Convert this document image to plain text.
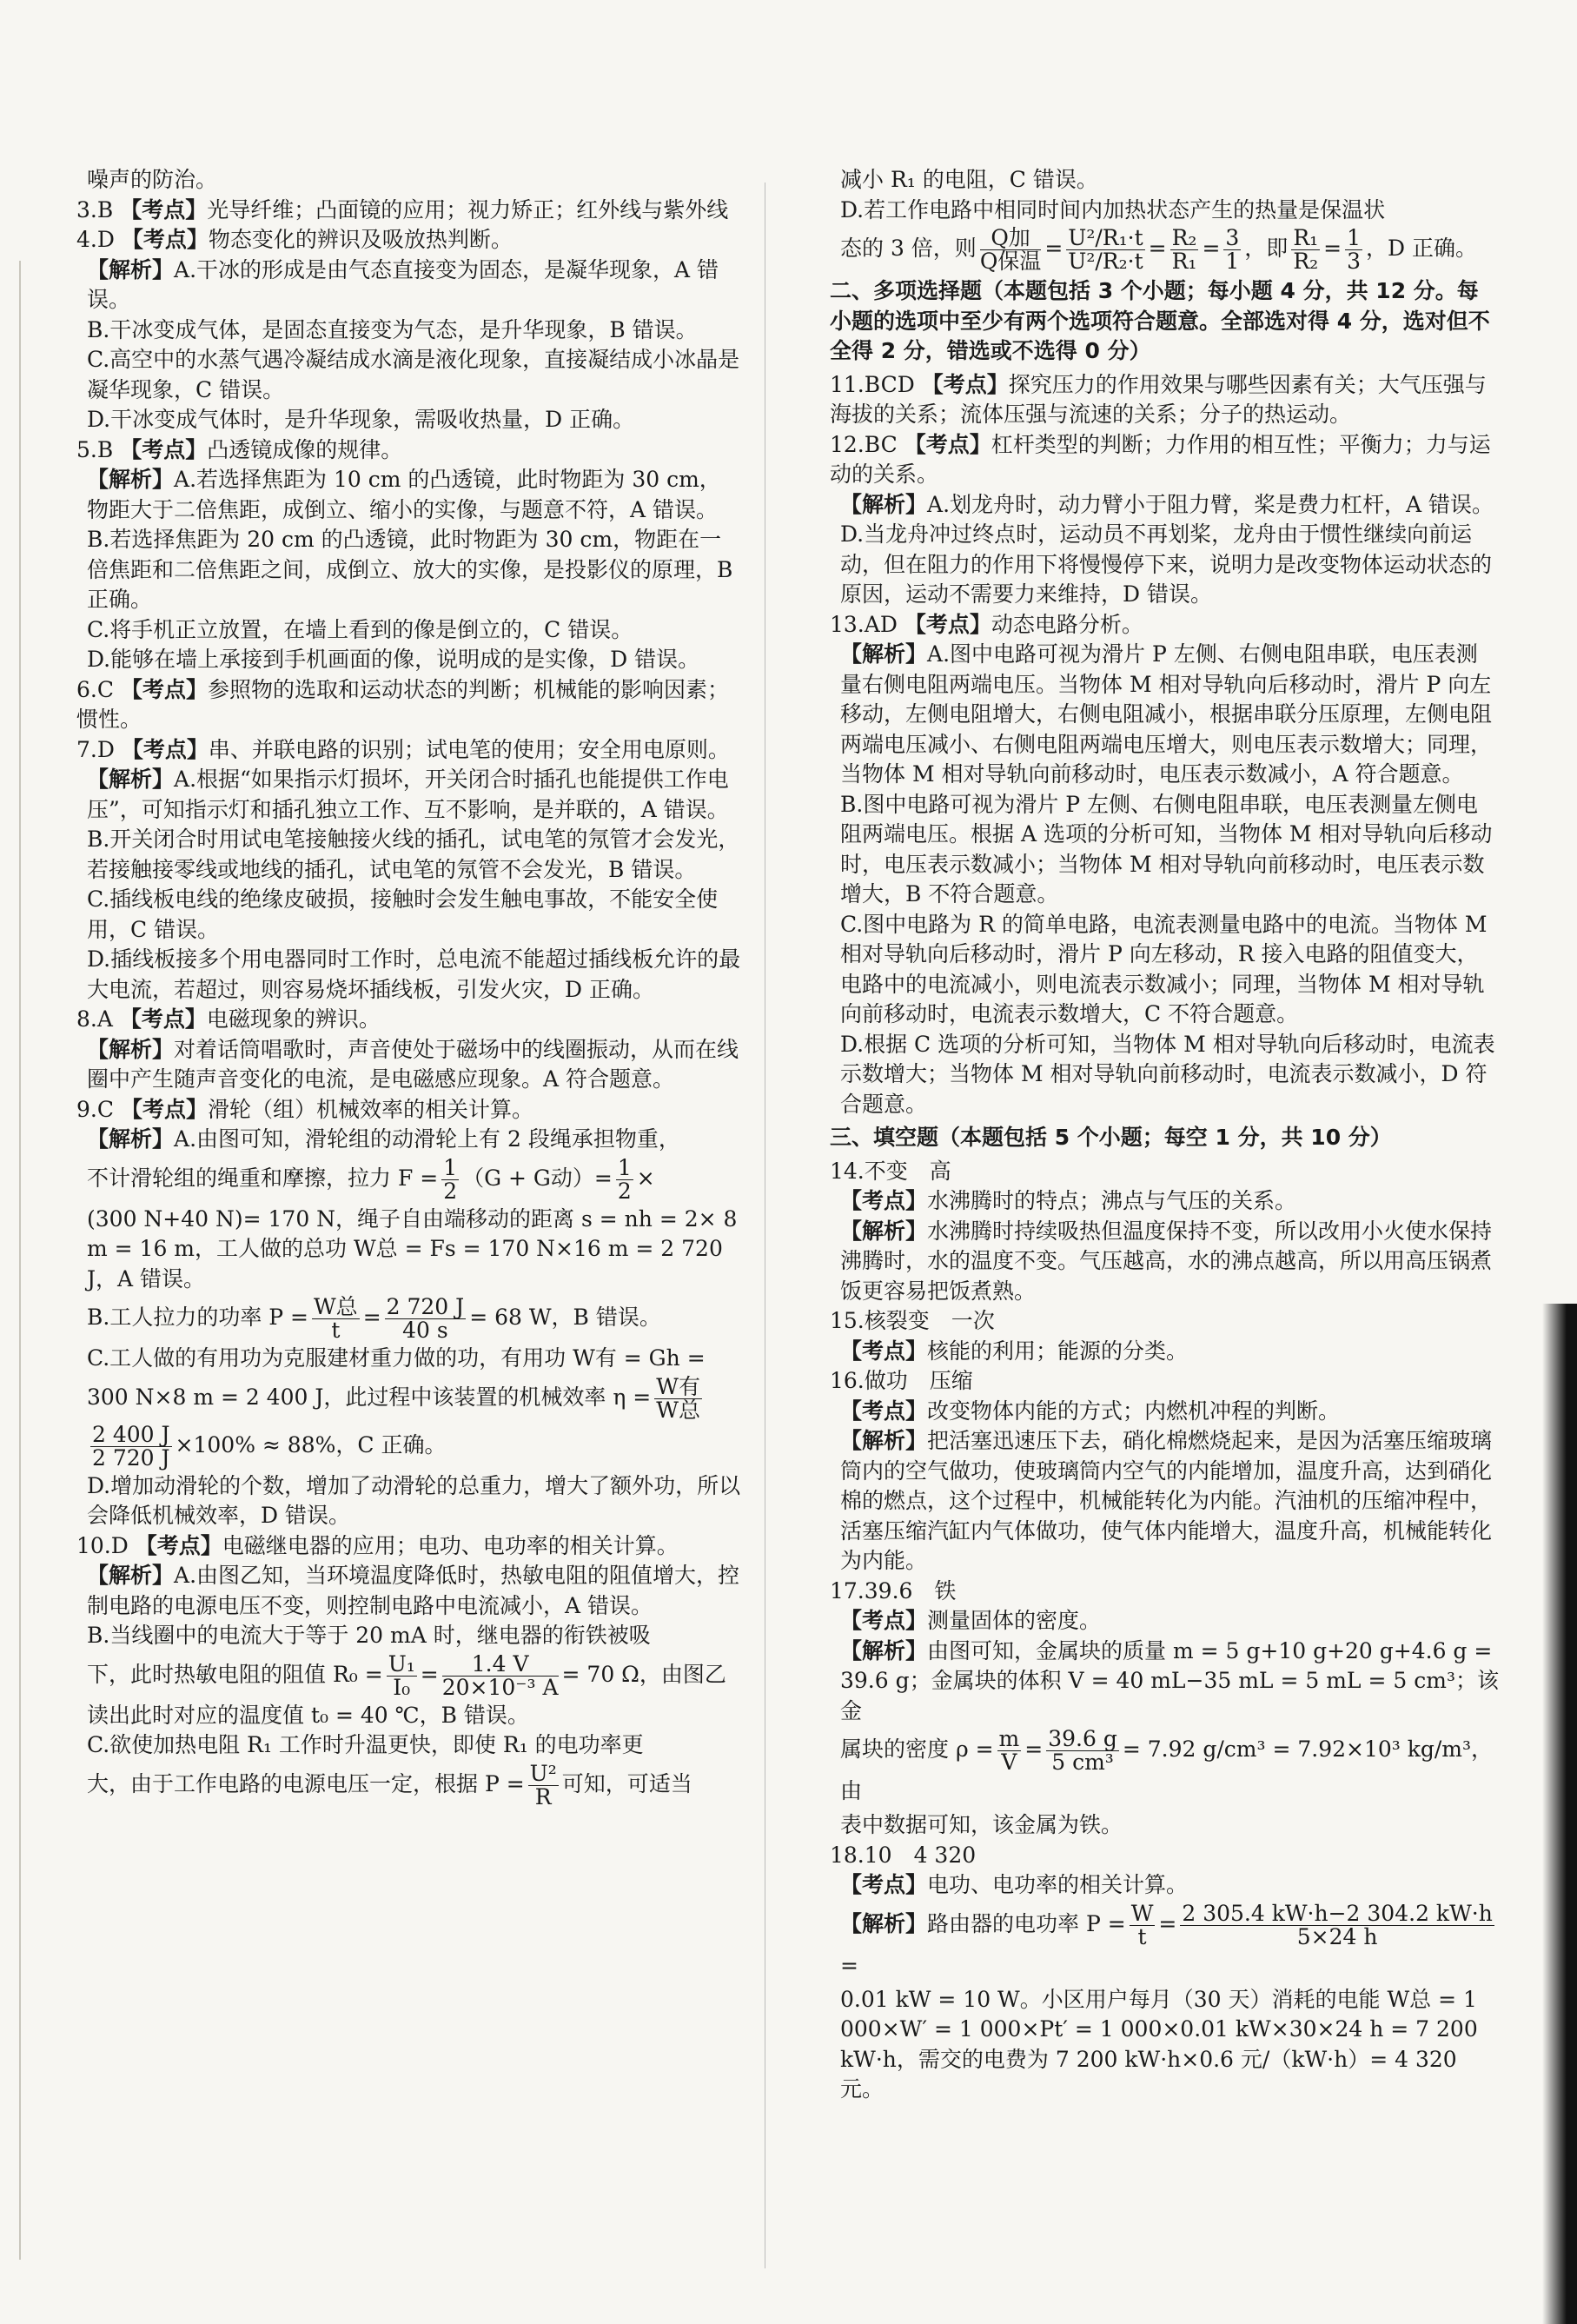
噪声的防治。

3.B 【考点】光导纤维；凸面镜的应用；视力矫正；红外线与紫外线

4.D 【考点】物态变化的辨识及吸放热判断。

【解析】A.干冰的形成是由气态直接变为固态，是凝华现象，A 错误。

B.干冰变成气体，是固态直接变为气态，是升华现象，B 错误。

C.高空中的水蒸气遇冷凝结成水滴是液化现象，直接凝结成小冰晶是凝华现象，C 错误。

D.干冰变成气体时，是升华现象，需吸收热量，D 正确。

5.B 【考点】凸透镜成像的规律。

【解析】A.若选择焦距为 10 cm 的凸透镜，此时物距为 30 cm，物距大于二倍焦距，成倒立、缩小的实像，与题意不符，A 错误。

B.若选择焦距为 20 cm 的凸透镜，此时物距为 30 cm，物距在一倍焦距和二倍焦距之间，成倒立、放大的实像，是投影仪的原理，B 正确。

C.将手机正立放置，在墙上看到的像是倒立的，C 错误。

D.能够在墙上承接到手机画面的像，说明成的是实像，D 错误。

6.C 【考点】参照物的选取和运动状态的判断；机械能的影响因素；惯性。

7.D 【考点】串、并联电路的识别；试电笔的使用；安全用电原则。

【解析】A.根据“如果指示灯损坏，开关闭合时插孔也能提供工作电压”，可知指示灯和插孔独立工作、互不影响，是并联的，A 错误。

B.开关闭合时用试电笔接触接火线的插孔，试电笔的氖管才会发光，若接触接零线或地线的插孔，试电笔的氖管不会发光，B 错误。

C.插线板电线的绝缘皮破损，接触时会发生触电事故，不能安全使用，C 错误。

D.插线板接多个用电器同时工作时，总电流不能超过插线板允许的最大电流，若超过，则容易烧坏插线板，引发火灾，D 正确。

8.A 【考点】电磁现象的辨识。

【解析】对着话筒唱歌时，声音使处于磁场中的线圈振动，从而在线圈中产生随声音变化的电流，是电磁感应现象。A 符合题意。

9.C 【考点】滑轮（组）机械效率的相关计算。

【解析】A.由图可知，滑轮组的动滑轮上有 2 段绳承担物重，

不计滑轮组的绳重和摩擦，拉力 $F = \frac{1}{2} (G + G$动）= $\frac{1}{2}$ ×

(300 N+40 N)= 170 N，绳子自由端移动的距离 s = nh = 2× 8 m = 16 m，工人做的总功 W总 = Fs = 170 N×16 m = 2 720 J，A 错误。

B.工人拉力的功率 $P = \frac{\text{W总}}{t} = \frac{2 720 J}{40 s} = 68$ W，B 错误。

C.工人做的有用功为克服建材重力做的功，有用功 W有 = Gh =

300 N×8 m = 2 400 J，此过程中该装置的机械效率 $\eta = \frac{\text{W有}}{\text{W总}}$

$\frac{2 400 J}{2 720 J} \times 100\% \approx 88\%$，C 正确。

D.增加动滑轮的个数，增加了动滑轮的总重力，增大了额外功，所以会降低机械效率，D 错误。

10.D 【考点】电磁继电器的应用；电功、电功率的相关计算。

【解析】A.由图乙知，当环境温度降低时，热敏电阻的阻值增大，控制电路的电源电压不变，则控制电路中电流减小，A 错误。

B.当线圈中的电流大于等于 20 mA 时，继电器的衔铁被吸

下，此时热敏电阻的阻值 $R_0 = \frac{\text{U₁}}{\text{I₀}} = \frac{1.4 V}{\text{20×10⁻³ A}} = 70$ Ω，由图乙

读出此时对应的温度值 t₀ = 40 ℃，B 错误。

C.欲使加热电阻 R₁ 工作时升温更快，即使 R₁ 的电功率更

大，由于工作电路的电源电压一定，根据 $P = \frac{\text{U²}}{R}$ 可知，可适当

减小 R₁ 的电阻，C 错误。

D.若工作电路中相同时间内加热状态产生的热量是保温状

态的 3 倍，则 $\frac{\text{Q加}}{\text{Q保温}} = \frac{\text{U²/R₁·t}}{\text{U²/R₂·t}} = \frac{\text{R₂}}{\text{R₁}} = \frac{3}{1}$ ，即 $\frac{\text{R₁}}{\text{R₂}} = \frac{1}{3}$ ，D 正确。

二、多项选择题（本题包括 3 个小题；每小题 4 分，共 12 分。每小题的选项中至少有两个选项符合题意。全部选对得 4 分，选对但不全得 2 分，错选或不选得 0 分）

11.BCD 【考点】探究压力的作用效果与哪些因素有关；大气压强与海拔的关系；流体压强与流速的关系；分子的热运动。

12.BC 【考点】杠杆类型的判断；力作用的相互性；平衡力；力与运动的关系。

【解析】A.划龙舟时，动力臂小于阻力臂，桨是费力杠杆，A 错误。

D.当龙舟冲过终点时，运动员不再划桨，龙舟由于惯性继续向前运动，但在阻力的作用下将慢慢停下来，说明力是改变物体运动状态的原因，运动不需要力来维持，D 错误。

13.AD 【考点】动态电路分析。

【解析】A.图中电路可视为滑片 P 左侧、右侧电阻串联，电压表测量右侧电阻两端电压。当物体 M 相对导轨向后移动时，滑片 P 向左移动，左侧电阻增大，右侧电阻减小，根据串联分压原理，左侧电阻两端电压减小、右侧电阻两端电压增大，则电压表示数增大；同理，当物体 M 相对导轨向前移动时，电压表示数减小，A 符合题意。

B.图中电路可视为滑片 P 左侧、右侧电阻串联，电压表测量左侧电阻两端电压。根据 A 选项的分析可知，当物体 M 相对导轨向后移动时，电压表示数减小；当物体 M 相对导轨向前移动时，电压表示数增大，B 不符合题意。

C.图中电路为 R 的简单电路，电流表测量电路中的电流。当物体 M 相对导轨向后移动时，滑片 P 向左移动，R 接入电路的阻值变大，电路中的电流减小，则电流表示数减小；同理，当物体 M 相对导轨向前移动时，电流表示数增大，C 不符合题意。

D.根据 C 选项的分析可知，当物体 M 相对导轨向后移动时，电流表示数增大；当物体 M 相对导轨向前移动时，电流表示数减小，D 符合题意。

三、填空题（本题包括 5 个小题；每空 1 分，共 10 分）

14.不变　高

【考点】水沸腾时的特点；沸点与气压的关系。

【解析】水沸腾时持续吸热但温度保持不变，所以改用小火使水保持沸腾时，水的温度不变。气压越高，水的沸点越高，所以用高压锅煮饭更容易把饭煮熟。

15.核裂变　一次

【考点】核能的利用；能源的分类。

16.做功　压缩

【考点】改变物体内能的方式；内燃机冲程的判断。

【解析】把活塞迅速压下去，硝化棉燃烧起来，是因为活塞压缩玻璃筒内的空气做功，使玻璃筒内空气的内能增加，温度升高，达到硝化棉的燃点，这个过程中，机械能转化为内能。汽油机的压缩冲程中，活塞压缩汽缸内气体做功，使气体内能增大，温度升高，机械能转化为内能。

17.39.6　铁

【考点】测量固体的密度。

【解析】由图可知，金属块的质量 m = 5 g+10 g+20 g+4.6 g = 39.6 g；金属块的体积 V = 40 mL−35 mL = 5 mL = 5 cm³；该金

属块的密度 $\rho = \frac{m}{V} = \frac{39.6 g}{\text{5 cm³}} = 7.92$ g/cm³ = 7.92×10³ kg/m³，由

表中数据可知，该金属为铁。

18.10　4 320

【考点】电功、电功率的相关计算。

【解析】路由器的电功率 $P = \frac{W}{t} = \frac{2 305.4 kW\cdot h-2 304.2 kW\cdot h}{5\times 24 h}$
=

0.01 kW = 10 W。小区用户每月（30 天）消耗的电能 W总 = 1 000×W′ = 1 000×Pt′ = 1 000×0.01 kW×30×24 h = 7 200 kW·h，需交的电费为 7 200 kW·h×0.6 元/（kW·h）= 4 320 元。
